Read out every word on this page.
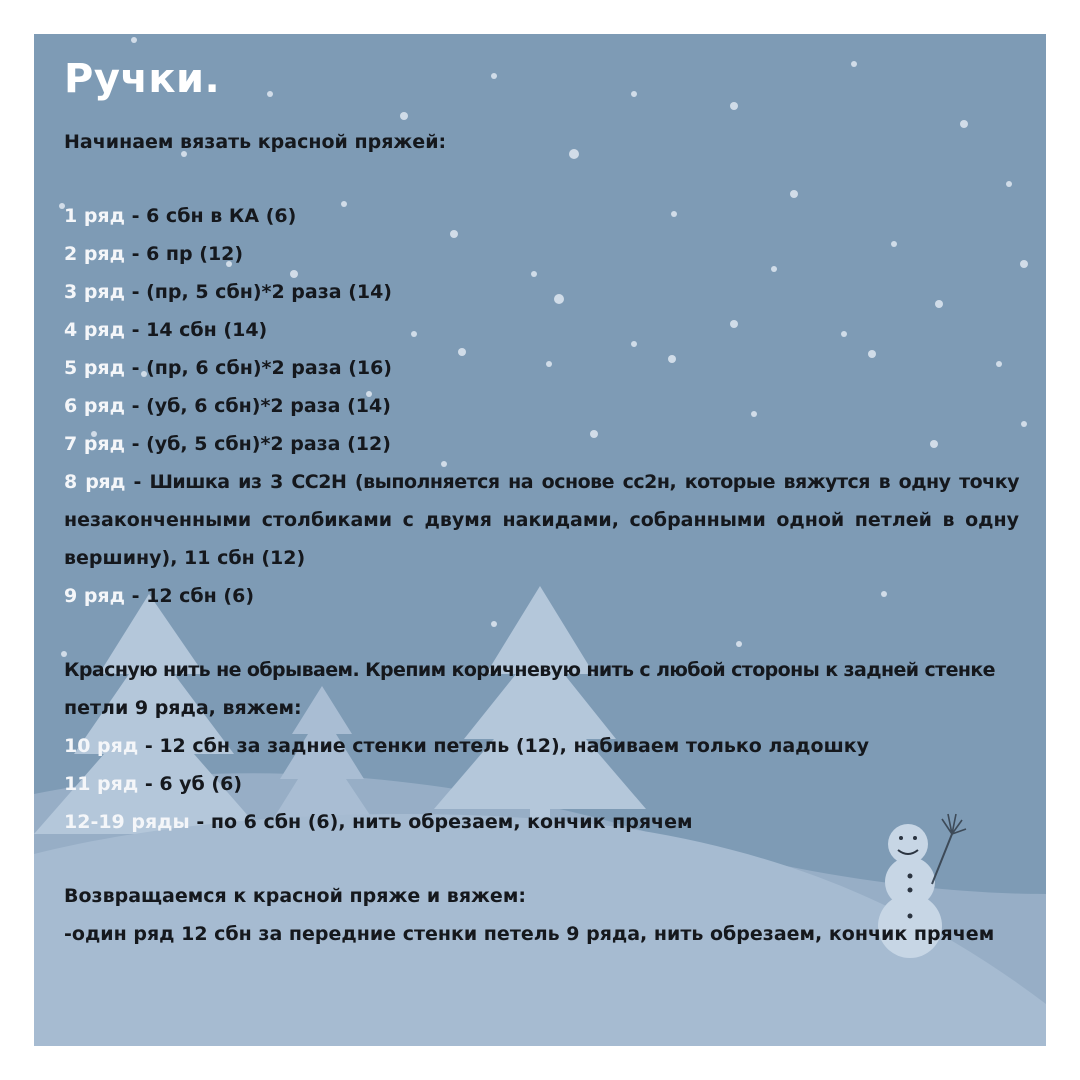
Ручки.

Начинаем вязать красной пряжей:

1 ряд - 6 сбн в КА (6)

2 ряд - 6 пр (12)

3 ряд - (пр, 5 сбн)*2 раза (14)

4 ряд - 14 сбн (14)

5 ряд - (пр, 6 сбн)*2 раза (16)

6 ряд - (уб, 6 сбн)*2 раза (14)

7 ряд - (уб, 5 сбн)*2 раза (12)

8 ряд - Шишка из 3 СС2Н (выполняется на основе сс2н, которые вяжутся в одну точку

незаконченными столбиками с двумя накидами, собранными одной петлей в одну

вершину), 11 сбн (12)

9 ряд - 12 сбн (6)

Красную нить не обрываем. Крепим коричневую нить с любой стороны к задней стенке

петли 9 ряда, вяжем:

10 ряд - 12 сбн за задние стенки петель (12), набиваем только ладошку

11 ряд - 6 уб (6)

12-19 ряды - по 6 сбн (6), нить обрезаем, кончик прячем

Возвращаемся к красной пряже и вяжем:

-один ряд 12 сбн за передние стенки петель 9 ряда, нить обрезаем, кончик прячем
